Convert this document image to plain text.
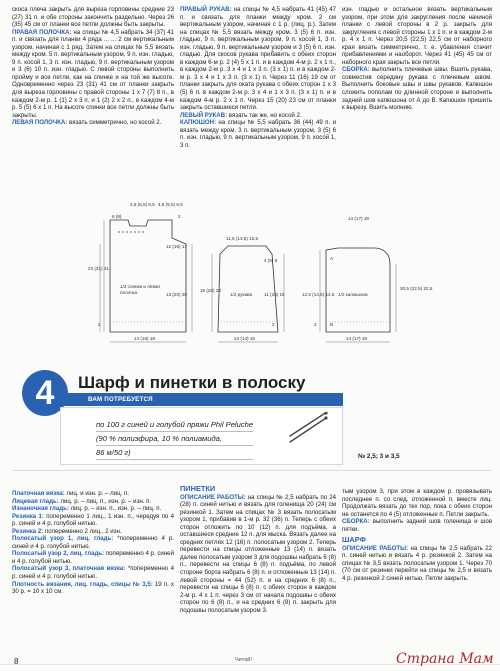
скоса плеча закрыть для выреза горловины средние 23 (27) 31 п. и обе стороны закончить раздельно. Через 26 (35) 45 см от планки все петли должны быть закрыты.

ПРАВАЯ ПОЛОЧКА: на спицы № 4,5 набрать 34 (37) 41 п. и связать для планки 4 ряда ... ... 2 см вертикальным узором, начиная с 1 ряд. Затем на спицах № 5,5 вязать между кром. 5 п. вертикальным узором, 9 п. изн. гладью, 9 п. косой 1, 3 п. изн. гладью, 9 п. вертикальным узором и 3 (6) 10 п. изн. гладью. С левой стороны выполнить пройму и все петли, как на спинке и на той же высоте. Одновременно через 23 (31) 41 см от планки закрыть для выреза горловины с правой стороны 1 x 7 (7) 8 п., в каждом 2-м р. 1 (1) 2 x 3 п. и 1 (2) 2 x 2 п., в каждом 4-м р. 5 (5) 6 x 1 п. На высоте спинки все петли должны быть закрыты.

ЛЕВАЯ ПОЛОЧКА: вязать симметрично, но косой 2.

ПРАВЫЙ РУКАВ: на спицы № 4,5 набрать 41 (45) 47 п. и связать для планки между кром. 2 см вертикальным узором, начиная с 1 р. (лиц. р.). Затем на спицах № 5,5 вязать между кром. 3 (5) 6 п. изн. гладью, 9 п. вертикальным узором, 9 п. косой 1, 3 п. изн. гладью, 9 п. вертикальным узором и 3 (5) 6 п. изн. гладью. Для скосов рукава прибавить с обеих сторон в каждом 6-м р. 2 (4) 5 x 1 п. и в каждом 4-м р. 2 x 1 п., в каждом 2-м р. 3 x 4 и 1 x 3 п. (3 x 1) п. и в каждом 2-м р. 3 x 4 и 1 x 3 п. (3 x 1) п. Через 11 (16) 19 см от планки закрыть для оката рукава с обеих сторон 1 x 3 (5) 6 п. в каждом 2-м р. 3 x 4 и 1 x 3 п. (3 x 1) п. и в каждом 4-м р. 2 x 1 п. Через 15 (20) 23 см от планки закрыть оставшиеся петли.

ЛЕВЫЙ РУКАВ: вязать так же, но косой 2.

КАПЮШОН: на спицы № 5,5 набрать 36 (44) 49 п. и вязать между кром. 3 п. вертикальным узором, 3 (5) 6 п. изн. гладью, 9 п. вертикальным узором, 9 п. косой 1, 3 п.

изн. гладью и остальное вязать вертикальным узором, при этом для закругления после начиной планки с левой стороны в 2 р. закрыть для закругления с левой стороны 1 x 1 п. и в каждом 2-м р. 4 x 1 п. Через 20,5 (22,5) 22,5 см от наборного края вязать симметрично, т. е. убавления стачит прибавлениями и наоборот. Через 41 (45) 45 см от наборного края закрыть все петли.

СБОРКА: выполнить плечевые швы. Вшить рукава, совместив середину рукава с плечевым швом. Выполнить боковые швы и швы рукавов. Капюшон сложить пополам по длинной стороне и выполнить задний шов капюшона от А до В. Капюшон пришить к вырезу. Вшить молнию.

4,5 (5,5) 6,5 4,5 (5,5) 6,5
6 (8)	2
23 (31) 41
12 (16) 17
13 (20) 28
1/2 спинки и левая полочка
14 (16) 18
2
11,5 (13,5) 15,5
4 (5) 6
15 (20) 23
11 (16) 19
1/2 рукава
13 (14) 15
2
14 (17) 19
A
B
12,5 (14,5) 14,5
20,5 (22,5) 22,5
1/2 капюшона
14 (17) 19
2
4	Шарф и пинетки в полоску
ВАМ ПОТРЕБУЕТСЯ
по 100 г синей и голубой пряжи Phil Peluche
(90 % полиэфира, 10 % полиамида,
86 м/50 г)	№ 2,5; 3 и 3,5

Платочная вязка: лиц. и изн. р. – лиц. п.

Лицевая гладь: лиц. р. – лиц. п., изн. р. – изн. п.

Изнаночная гладь: лиц. р. – изн. п., изн. р. – лиц. п.

Резинка 1: попеременно 1 лиц., 1 изн. п., чередуя по 4 р. синей и 4 р. голубой нитью.

Резинка 2: попеременно 2 лиц., 2 изн.

Полосатый узор 1, лиц. гладь: *попеременно 4 р. синей и 4 р. голубой нитью.

Полосатый узор 2, лиц. гладь: попеременно 4 р. синей и 4 р. голубой нитью.

Полосатый узор 3, платочная вязка: *попеременно 4 р. синей и 4 р. голубой нитью.

Плотность вязания, лиц. гладь, спицы № 3,5: 19 п. x 30 р. = 10 x 10 см.

ПИНЕТКИ

ОПИСАНИЕ РАБОТЫ: на спицы № 2,5 набрать по 24 (28) п. синей нитью и вязать для голенища 20 (24) см резинкой 1. Затем на спицах № 3 вязать полосатым узором 1, прибавив в 1-м р. 32 (36) п. Теперь с обеих сторон отложить по 10 (12) п. для подъёма, а оставшиеся средние 12 п. для мыска. Вязать далее на средних петлях 12 (16) п. полосатым узором 2. Теперь перевести на спицы отложенные 13 (14) п. вязать далее полосатым узором 3 для подошвы набрать 6 (8) п., перевести на спицы 6 (8) п. подъёма, по левой стороне борта набрать 6 (8) п. и отложенные 13 (14) п. левой стороны = 44 (52) п. и на средних 6 (8) п., перевести на спицы 6 (8) п. с обеих сторон в каждом 2-м р. 4 x 1 п. через 3 см от начала подошвы с обеих сторон по 6 (8) п., и на средних 6 (8) п. закрыть для подошвы полосатым узором 3.

тым узором 3, при этом в каждом р. провязывать последнее п. со след. отложенной п. вместе лиц. Продолжать вязать до тех пор, пока с обеих сторон не останется по 4 (5) отложенные п. Петли закрыть.

СБОРКА: выполнить задний шов голенища и шов пятки.

ШАРФ

ОПИСАНИЕ РАБОТЫ: на спицы № 2,5 набрать 22 п. синей нитью и вязать 4 р. резинкой 2. Затем на спицах № 3,5 вязать полосатым узором 1. Через 70 (70 см от резинки перейти на спицы № 2,5 и вязать 4 р. резинкой 2 синей нитью. Петли закрыть.

8	Читай!	Страна Мам
